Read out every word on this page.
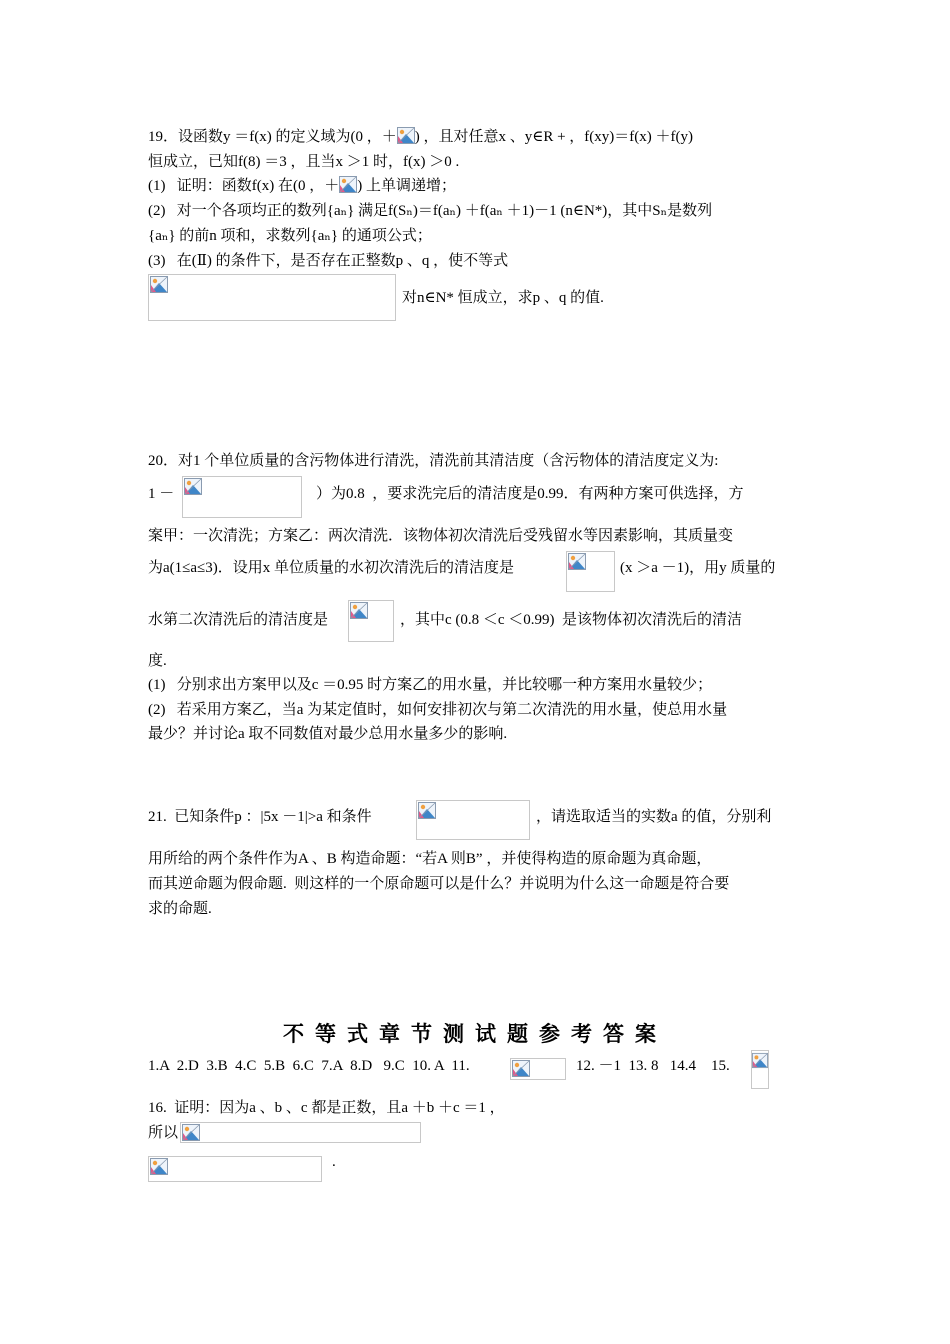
19．设函数y ＝f(x) 的定义域为(0 ，＋ ) ，且对任意x 、y∈R + ，f(xy)＝f(x) ＋f(y)
恒成立，已知f(8) ＝3 ，且当x ＞1 时，f(x) ＞0 .
(1)   证明：函数f(x) 在(0 ，＋ ) 上单调递增；
(2)   对一个各项均正的数列{aₙ} 满足f(Sₙ)＝f(aₙ) ＋f(aₙ ＋1)－1 (n∈N*)，其中Sₙ是数列
{aₙ} 的前n 项和，求数列{aₙ} 的通项公式；
(3)   在(Ⅱ) 的条件下，是否存在正整数p 、q ，使不等式
对n∈N* 恒成立，求p 、q 的值.
20．对1 个单位质量的含污物体进行清洗，清洗前其清洁度（含污物体的清洁度定义为:
1 －	）为0.8  ，要求洗完后的清洁度是0.99．有两种方案可供选择，方
案甲：一次清洗；方案乙：两次清洗．该物体初次清洗后受残留水等因素影响，其质量变
为a(1≤a≤3)．设用x 单位质量的水初次清洗后的清洁度是	(x ＞a －1)，用y 质量的
水第二次清洗后的清洁度是	，其中c (0.8 ＜c ＜0.99)  是该物体初次清洗后的清洁
度.
(1)   分别求出方案甲以及c ＝0.95 时方案乙的用水量，并比较哪一种方案用水量较少；
(2)   若采用方案乙，当a 为某定值时，如何安排初次与第二次清洗的用水量，使总用水量
最少？并讨论a 取不同数值对最少总用水量多少的影响.
21.  已知条件p ：|5x －1|>a 和条件	，请选取适当的实数a 的值，分别利
用所给的两个条件作为A 、B 构造命题：“若A 则B” ，并使得构造的原命题为真命题，
而其逆命题为假命题.  则这样的一个原命题可以是什么？并说明为什么这一命题是符合要
求的命题.
不等式章节测试题参考答案
1.A  2.D  3.B  4.C  5.B  6.C  7.A  8.D   9.C  10. A  11.	12. －1  13. 8   14.4    15.
16.  证明：因为a 、b 、c 都是正数，且a ＋b ＋c ＝1 ，
所以
.
